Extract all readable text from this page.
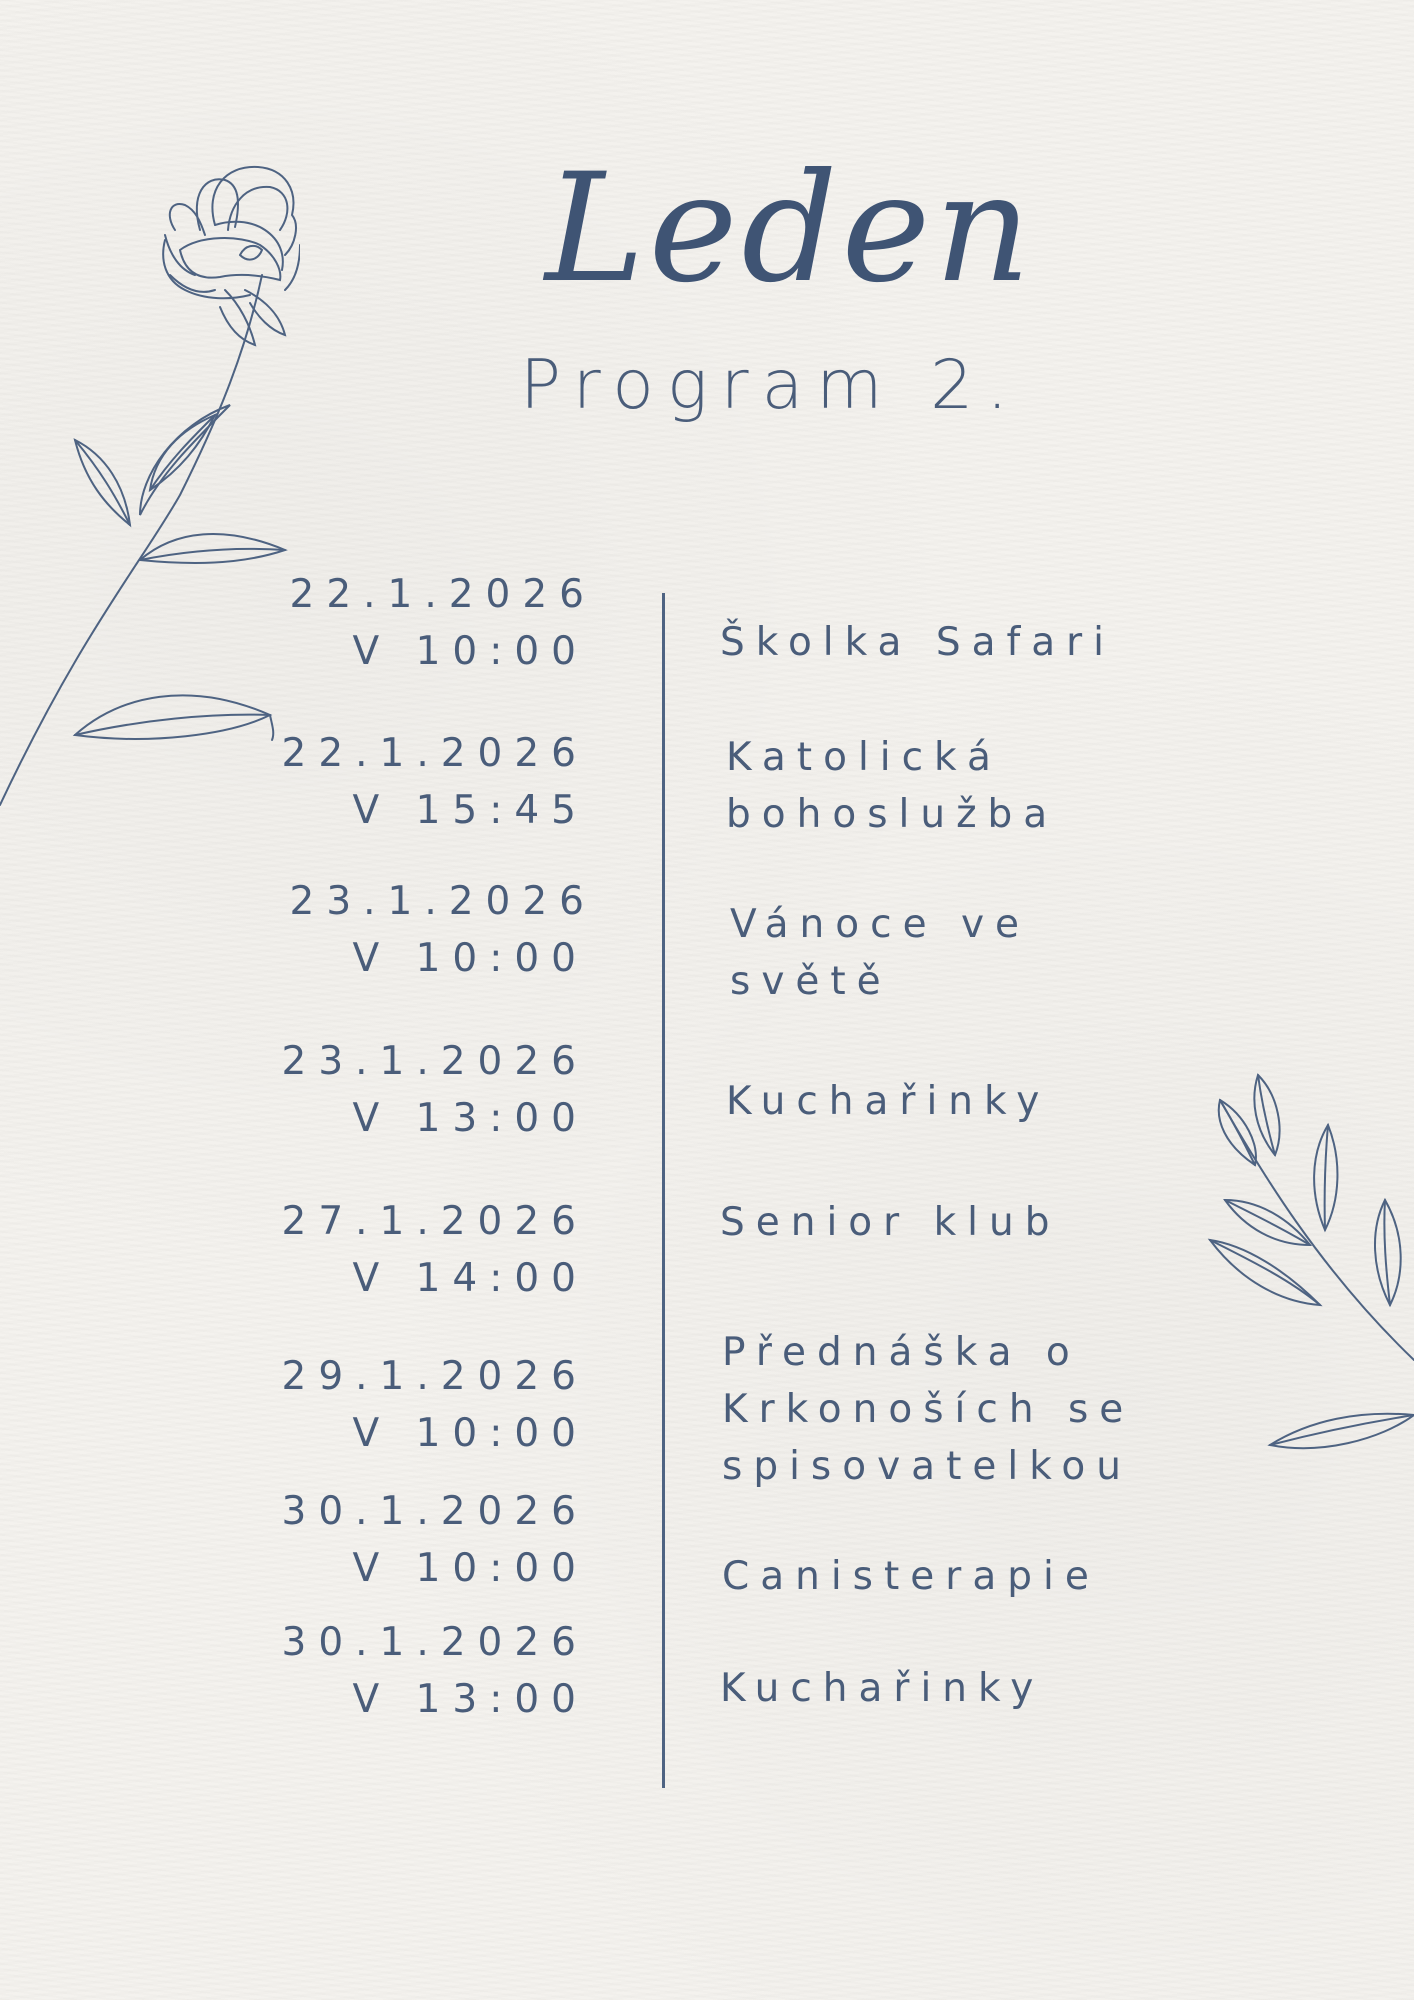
Leden
Program 2.
22.1.2026
V 10:00
22.1.2026
V 15:45
23.1.2026
V 10:00
23.1.2026
V 13:00
27.1.2026
V 14:00
29.1.2026
V 10:00
30.1.2026
V 10:00
30.1.2026
V 13:00
Školka Safari
Katolická bohoslužba
Vánoce ve světě
Kuchařinky
Senior klub
Přednáška o Krkonoších se spisovatelkou
Canisterapie
Kuchařinky
